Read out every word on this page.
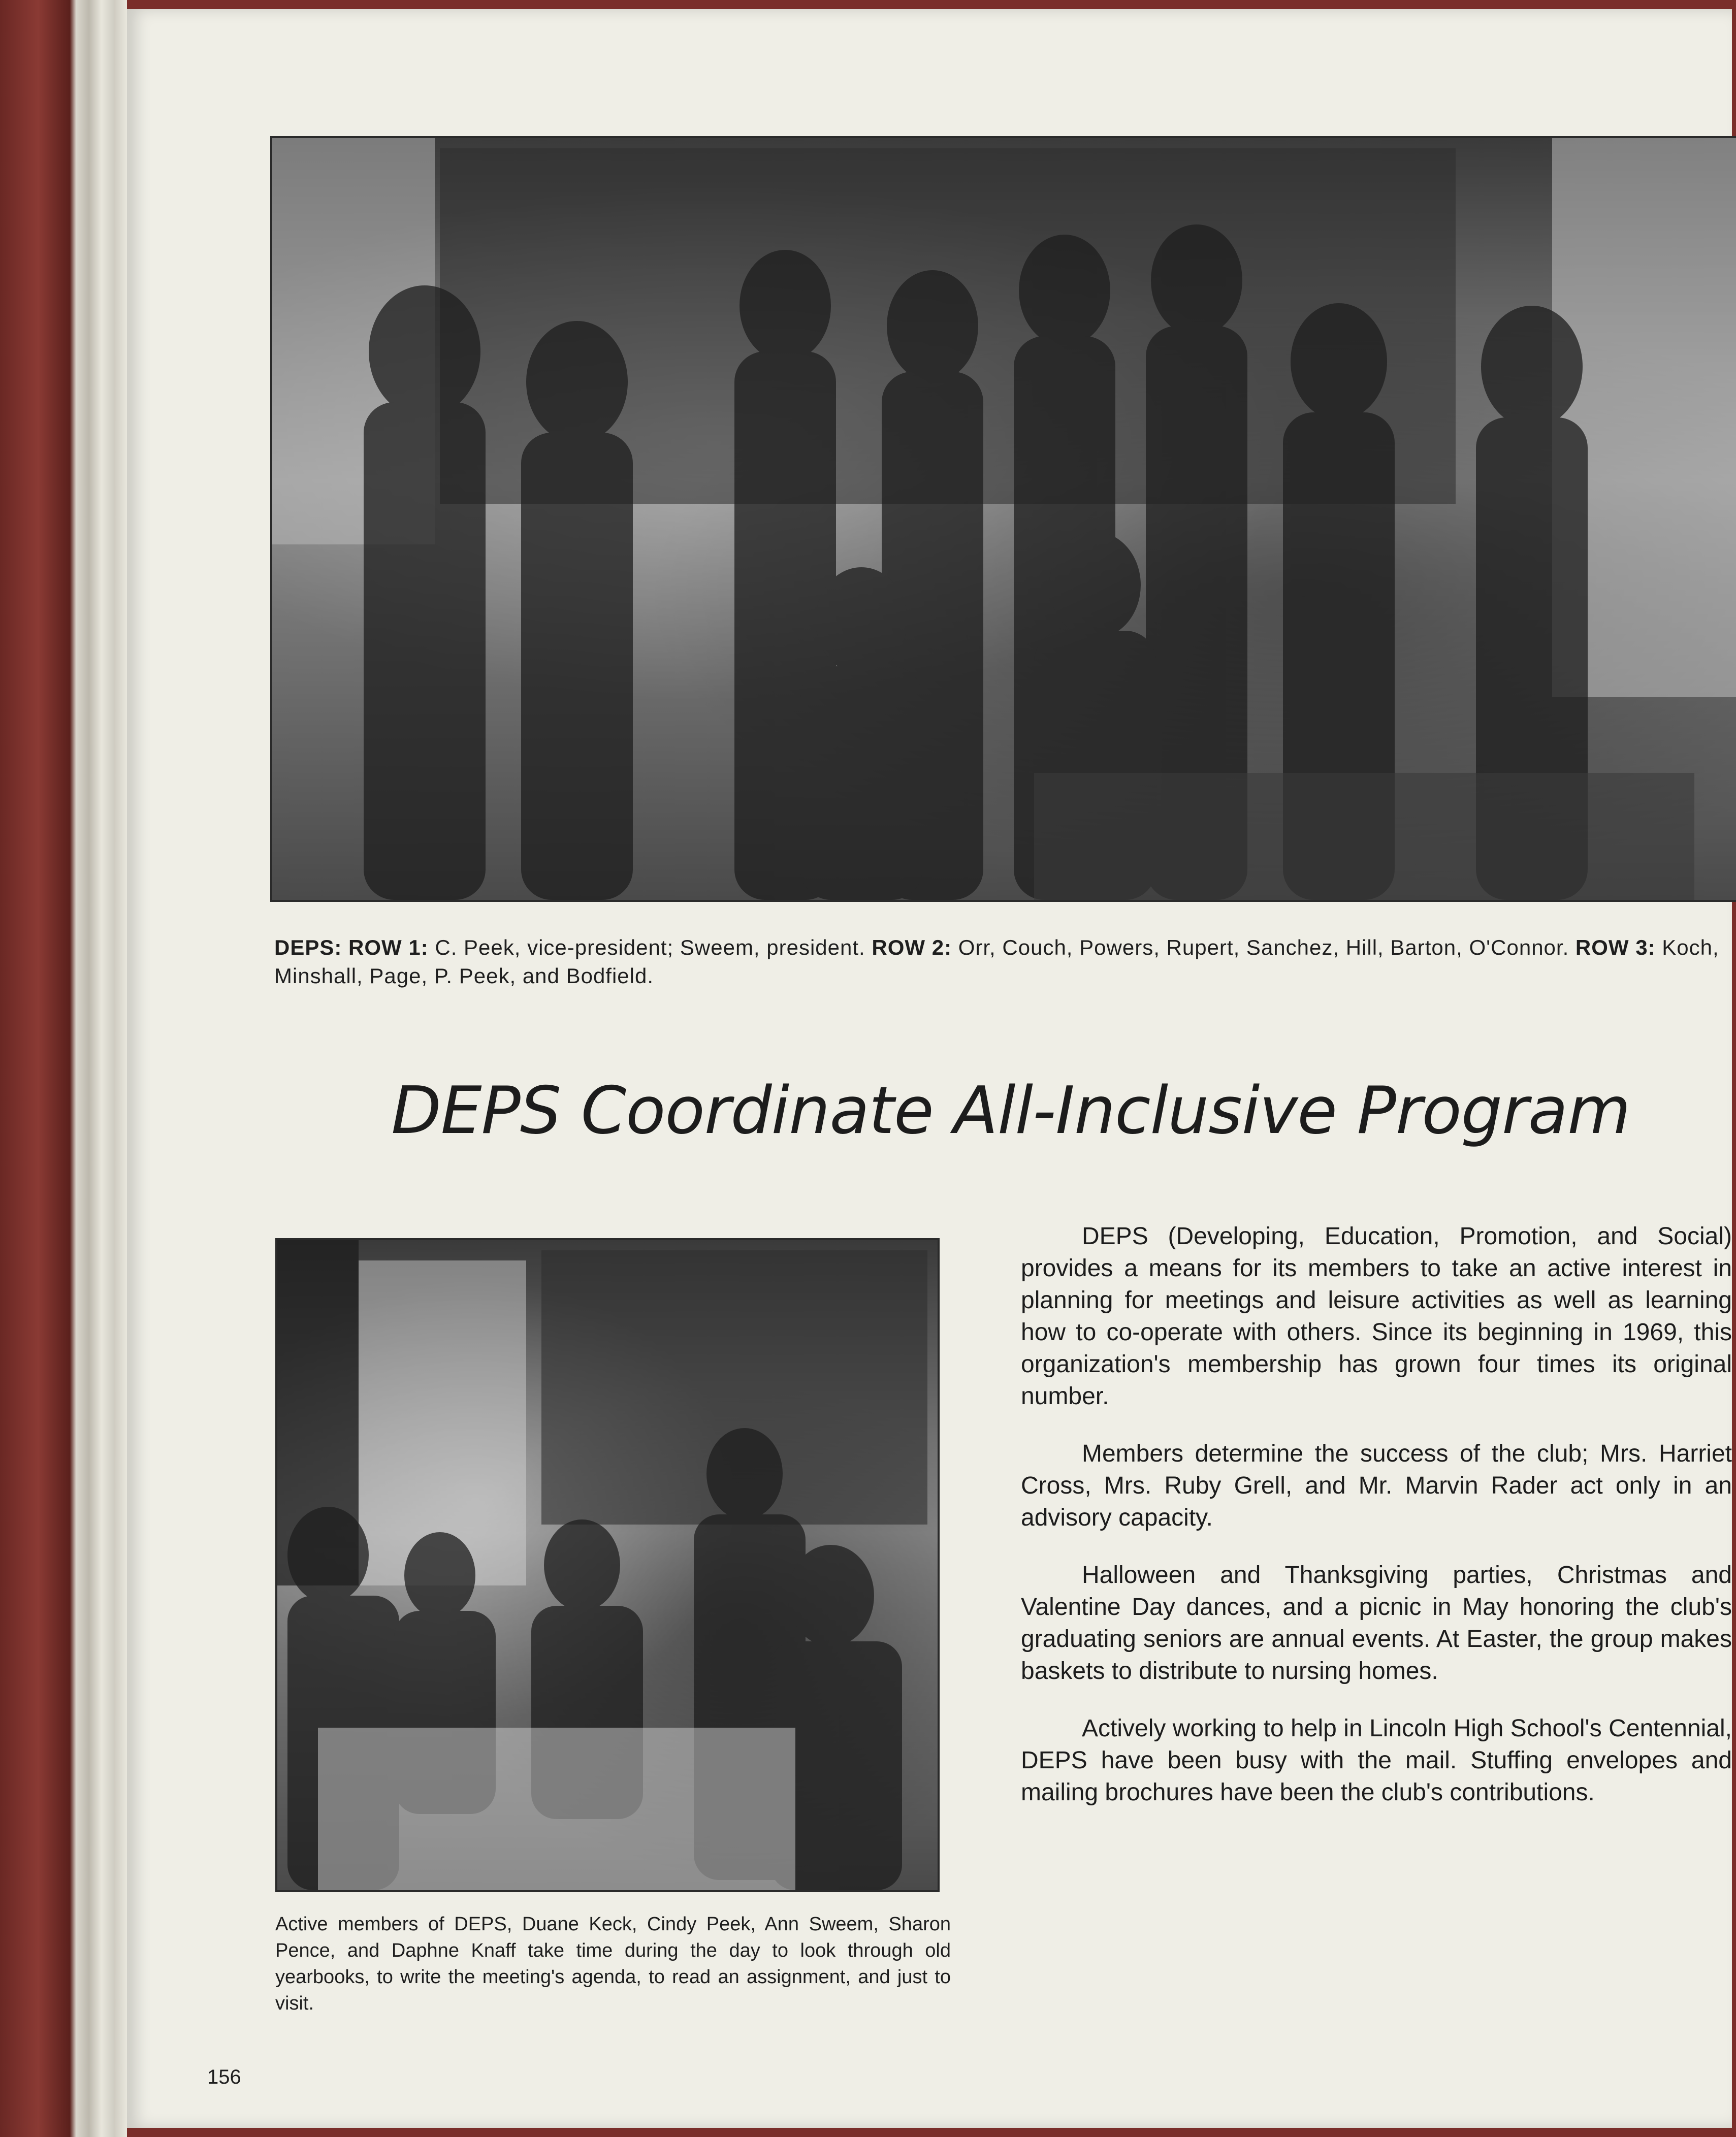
DEPS: ROW 1: C. Peek, vice-president; Sweem, president. ROW 2: Orr, Couch, Powers, Rupert, Sanchez, Hill, Barton, O'Connor. ROW 3: Koch, Minshall, Page, P. Peek, and Bodfield.
DEPS Coordinate All-Inclusive Program
Active members of DEPS, Duane Keck, Cindy Peek, Ann Sweem, Sharon Pence, and Daphne Knaff take time during the day to look through old yearbooks, to write the meeting's agenda, to read an assignment, and just to visit.

DEPS (Developing, Education, Promotion, and Social) provides a means for its members to take an active interest in planning for meetings and leisure activities as well as learning how to co-operate with others. Since its beginning in 1969, this organization's membership has grown four times its original number.

Members determine the success of the club; Mrs. Harriet Cross, Mrs. Ruby Grell, and Mr. Marvin Rader act only in an advisory capacity.

Halloween and Thanksgiving parties, Christmas and Valentine Day dances, and a picnic in May honoring the club's graduating seniors are annual events. At Easter, the group makes baskets to distribute to nursing homes.

Actively working to help in Lincoln High School's Centennial, DEPS have been busy with the mail. Stuffing envelopes and mailing brochures have been the club's contributions.

156
